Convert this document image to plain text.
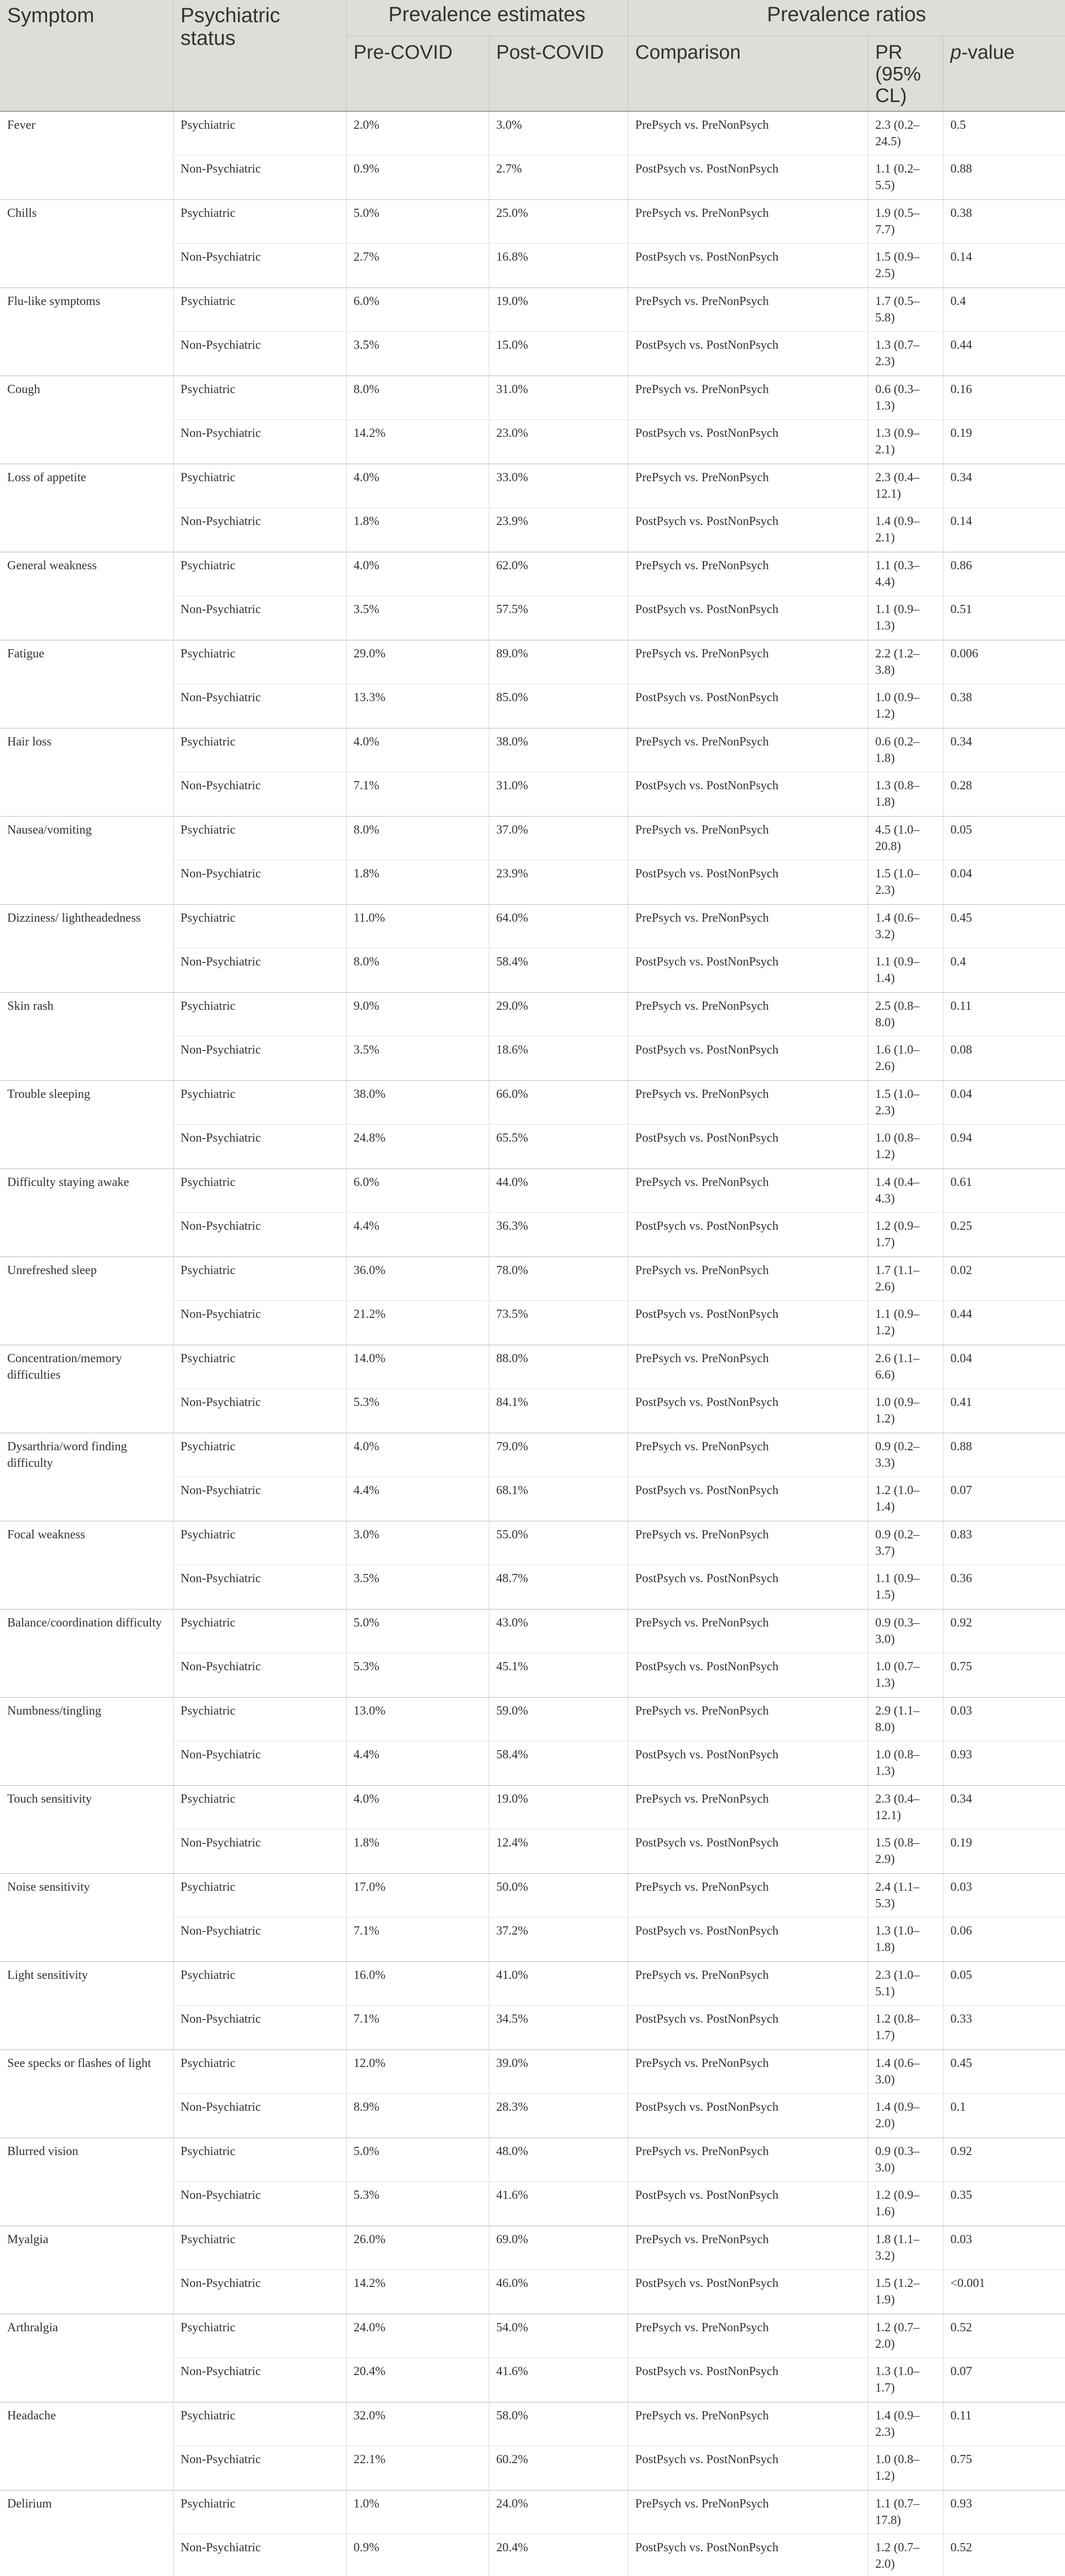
Symptom	Psychiatric status	Prevalence estimates		Prevalence ratios		
		Pre-COVID	Post-COVID	Comparison	PR (95% CL)	p-value
Fever	Psychiatric	2.0%	3.0%	PrePsych vs. PreNonPsych	2.3 (0.2–24.5)	0.5
	Non-Psychiatric	0.9%	2.7%	PostPsych vs. PostNonPsych	1.1 (0.2–5.5)	0.88
Chills	Psychiatric	5.0%	25.0%	PrePsych vs. PreNonPsych	1.9 (0.5–7.7)	0.38
	Non-Psychiatric	2.7%	16.8%	PostPsych vs. PostNonPsych	1.5 (0.9–2.5)	0.14
Flu-like symptoms	Psychiatric	6.0%	19.0%	PrePsych vs. PreNonPsych	1.7 (0.5–5.8)	0.4
	Non-Psychiatric	3.5%	15.0%	PostPsych vs. PostNonPsych	1.3 (0.7–2.3)	0.44
Cough	Psychiatric	8.0%	31.0%	PrePsych vs. PreNonPsych	0.6 (0.3–1.3)	0.16
	Non-Psychiatric	14.2%	23.0%	PostPsych vs. PostNonPsych	1.3 (0.9–2.1)	0.19
Loss of appetite	Psychiatric	4.0%	33.0%	PrePsych vs. PreNonPsych	2.3 (0.4–12.1)	0.34
	Non-Psychiatric	1.8%	23.9%	PostPsych vs. PostNonPsych	1.4 (0.9–2.1)	0.14
General weakness	Psychiatric	4.0%	62.0%	PrePsych vs. PreNonPsych	1.1 (0.3–4.4)	0.86
	Non-Psychiatric	3.5%	57.5%	PostPsych vs. PostNonPsych	1.1 (0.9–1.3)	0.51
Fatigue	Psychiatric	29.0%	89.0%	PrePsych vs. PreNonPsych	2.2 (1.2–3.8)	0.006
	Non-Psychiatric	13.3%	85.0%	PostPsych vs. PostNonPsych	1.0 (0.9–1.2)	0.38
Hair loss	Psychiatric	4.0%	38.0%	PrePsych vs. PreNonPsych	0.6 (0.2–1.8)	0.34
	Non-Psychiatric	7.1%	31.0%	PostPsych vs. PostNonPsych	1.3 (0.8–1.8)	0.28
Nausea/vomiting	Psychiatric	8.0%	37.0%	PrePsych vs. PreNonPsych	4.5 (1.0–20.8)	0.05
	Non-Psychiatric	1.8%	23.9%	PostPsych vs. PostNonPsych	1.5 (1.0–2.3)	0.04
Dizziness/ lightheadedness	Psychiatric	11.0%	64.0%	PrePsych vs. PreNonPsych	1.4 (0.6–3.2)	0.45
	Non-Psychiatric	8.0%	58.4%	PostPsych vs. PostNonPsych	1.1 (0.9–1.4)	0.4
Skin rash	Psychiatric	9.0%	29.0%	PrePsych vs. PreNonPsych	2.5 (0.8–8.0)	0.11
	Non-Psychiatric	3.5%	18.6%	PostPsych vs. PostNonPsych	1.6 (1.0–2.6)	0.08
Trouble sleeping	Psychiatric	38.0%	66.0%	PrePsych vs. PreNonPsych	1.5 (1.0–2.3)	0.04
	Non-Psychiatric	24.8%	65.5%	PostPsych vs. PostNonPsych	1.0 (0.8–1.2)	0.94
Difficulty staying awake	Psychiatric	6.0%	44.0%	PrePsych vs. PreNonPsych	1.4 (0.4–4.3)	0.61
	Non-Psychiatric	4.4%	36.3%	PostPsych vs. PostNonPsych	1.2 (0.9–1.7)	0.25
Unrefreshed sleep	Psychiatric	36.0%	78.0%	PrePsych vs. PreNonPsych	1.7 (1.1–2.6)	0.02
	Non-Psychiatric	21.2%	73.5%	PostPsych vs. PostNonPsych	1.1 (0.9–1.2)	0.44
Concentration/memory difficulties	Psychiatric	14.0%	88.0%	PrePsych vs. PreNonPsych	2.6 (1.1–6.6)	0.04
	Non-Psychiatric	5.3%	84.1%	PostPsych vs. PostNonPsych	1.0 (0.9–1.2)	0.41
Dysarthria/word finding difficulty	Psychiatric	4.0%	79.0%	PrePsych vs. PreNonPsych	0.9 (0.2–3.3)	0.88
	Non-Psychiatric	4.4%	68.1%	PostPsych vs. PostNonPsych	1.2 (1.0–1.4)	0.07
Focal weakness	Psychiatric	3.0%	55.0%	PrePsych vs. PreNonPsych	0.9 (0.2–3.7)	0.83
	Non-Psychiatric	3.5%	48.7%	PostPsych vs. PostNonPsych	1.1 (0.9–1.5)	0.36
Balance/coordination difficulty	Psychiatric	5.0%	43.0%	PrePsych vs. PreNonPsych	0.9 (0.3–3.0)	0.92
	Non-Psychiatric	5.3%	45.1%	PostPsych vs. PostNonPsych	1.0 (0.7–1.3)	0.75
Numbness/tingling	Psychiatric	13.0%	59.0%	PrePsych vs. PreNonPsych	2.9 (1.1–8.0)	0.03
	Non-Psychiatric	4.4%	58.4%	PostPsych vs. PostNonPsych	1.0 (0.8–1.3)	0.93
Touch sensitivity	Psychiatric	4.0%	19.0%	PrePsych vs. PreNonPsych	2.3 (0.4–12.1)	0.34
	Non-Psychiatric	1.8%	12.4%	PostPsych vs. PostNonPsych	1.5 (0.8–2.9)	0.19
Noise sensitivity	Psychiatric	17.0%	50.0%	PrePsych vs. PreNonPsych	2.4 (1.1–5.3)	0.03
	Non-Psychiatric	7.1%	37.2%	PostPsych vs. PostNonPsych	1.3 (1.0–1.8)	0.06
Light sensitivity	Psychiatric	16.0%	41.0%	PrePsych vs. PreNonPsych	2.3 (1.0–5.1)	0.05
	Non-Psychiatric	7.1%	34.5%	PostPsych vs. PostNonPsych	1.2 (0.8–1.7)	0.33
See specks or flashes of light	Psychiatric	12.0%	39.0%	PrePsych vs. PreNonPsych	1.4 (0.6–3.0)	0.45
	Non-Psychiatric	8.9%	28.3%	PostPsych vs. PostNonPsych	1.4 (0.9–2.0)	0.1
Blurred vision	Psychiatric	5.0%	48.0%	PrePsych vs. PreNonPsych	0.9 (0.3–3.0)	0.92
	Non-Psychiatric	5.3%	41.6%	PostPsych vs. PostNonPsych	1.2 (0.9–1.6)	0.35
Myalgia	Psychiatric	26.0%	69.0%	PrePsych vs. PreNonPsych	1.8 (1.1–3.2)	0.03
	Non-Psychiatric	14.2%	46.0%	PostPsych vs. PostNonPsych	1.5 (1.2–1.9)	<0.001
Arthralgia	Psychiatric	24.0%	54.0%	PrePsych vs. PreNonPsych	1.2 (0.7–2.0)	0.52
	Non-Psychiatric	20.4%	41.6%	PostPsych vs. PostNonPsych	1.3 (1.0–1.7)	0.07
Headache	Psychiatric	32.0%	58.0%	PrePsych vs. PreNonPsych	1.4 (0.9–2.3)	0.11
	Non-Psychiatric	22.1%	60.2%	PostPsych vs. PostNonPsych	1.0 (0.8–1.2)	0.75
Delirium	Psychiatric	1.0%	24.0%	PrePsych vs. PreNonPsych	1.1 (0.7–17.8)	0.93
	Non-Psychiatric	0.9%	20.4%	PostPsych vs. PostNonPsych	1.2 (0.7–2.0)	0.52
